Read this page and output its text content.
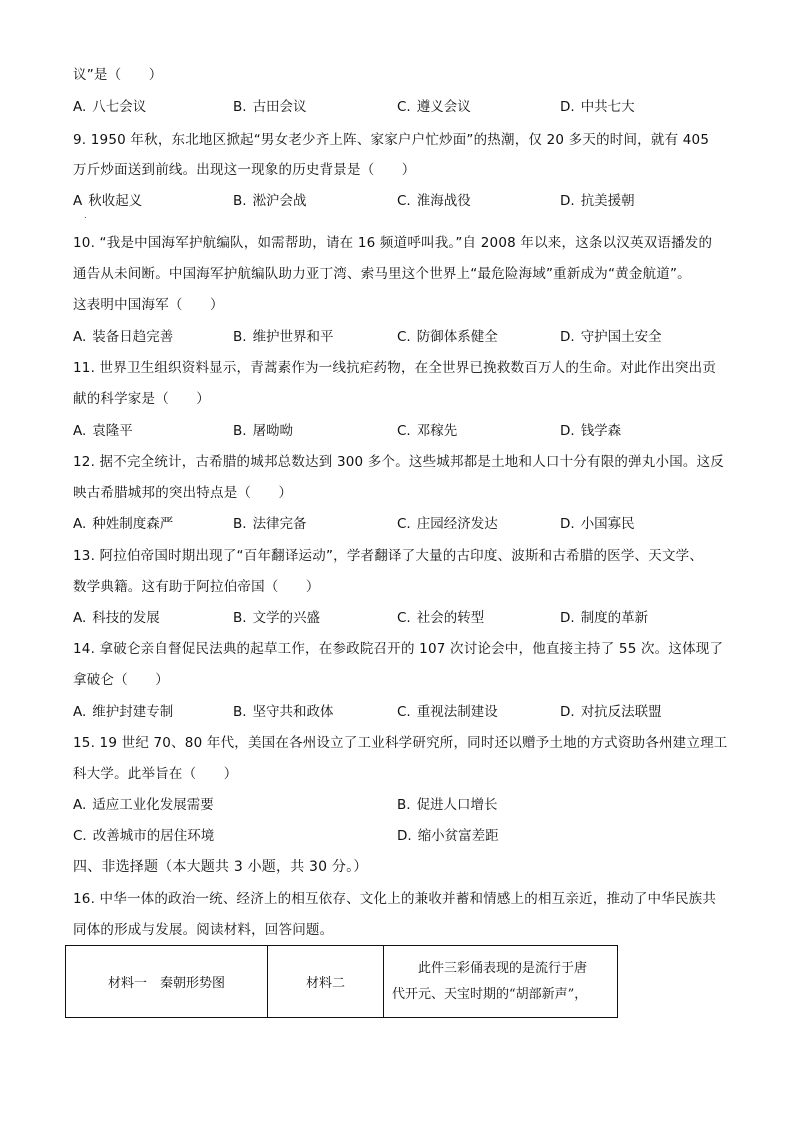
议”是（　　）
A. 八七会议	B. 古田会议	C. 遵义会议	D. 中共七大
9. 1950 年秋，东北地区掀起“男女老少齐上阵、家家户户忙炒面”的热潮，仅 20 多天的时间，就有 405
万斤炒面送到前线。出现这一现象的历史背景是（　　）
A 秋收起义	B. 淞沪会战	C. 淮海战役	D. 抗美援朝
.
10. “我是中国海军护航编队，如需帮助，请在 16 频道呼叫我。”自 2008 年以来，这条以汉英双语播发的
通告从未间断。中国海军护航编队助力亚丁湾、索马里这个世界上“最危险海域”重新成为“黄金航道”。
这表明中国海军（　　）
A. 装备日趋完善	B. 维护世界和平	C. 防御体系健全	D. 守护国土安全
11. 世界卫生组织资料显示，青蒿素作为一线抗疟药物，在全世界已挽救数百万人的生命。对此作出突出贡
献的科学家是（　　）
A. 袁隆平	B. 屠呦呦	C. 邓稼先	D. 钱学森
12. 据不完全统计，古希腊的城邦总数达到 300 多个。这些城邦都是土地和人口十分有限的弹丸小国。这反
映古希腊城邦的突出特点是（　　）
A. 种姓制度森严	B. 法律完备	C. 庄园经济发达	D. 小国寡民
13. 阿拉伯帝国时期出现了“百年翻译运动”，学者翻译了大量的古印度、波斯和古希腊的医学、天文学、
数学典籍。这有助于阿拉伯帝国（　　）
A. 科技的发展	B. 文学的兴盛	C. 社会的转型	D. 制度的革新
14. 拿破仑亲自督促民法典的起草工作，在参政院召开的 107 次讨论会中，他直接主持了 55 次。这体现了
拿破仑（　　）
A. 维护封建专制	B. 坚守共和政体	C. 重视法制建设	D. 对抗反法联盟
15. 19 世纪 70、80 年代，美国在各州设立了工业科学研究所，同时还以赠予土地的方式资助各州建立理工
科大学。此举旨在（　　）
A. 适应工业化发展需要	B. 促进人口增长
C. 改善城市的居住环境	D. 缩小贫富差距
四、非选择题（本大题共 3 小题，共 30 分。）
16. 中华一体的政治一统、经济上的相互依存、文化上的兼收并蓄和情感上的相互亲近，推动了中华民族共
同体的形成与发展。阅读材料，回答问题。
材料一　秦朝形势图	材料二	
此件三彩俑表现的是流行于唐
代开元、天宝时期的“胡部新声”，
